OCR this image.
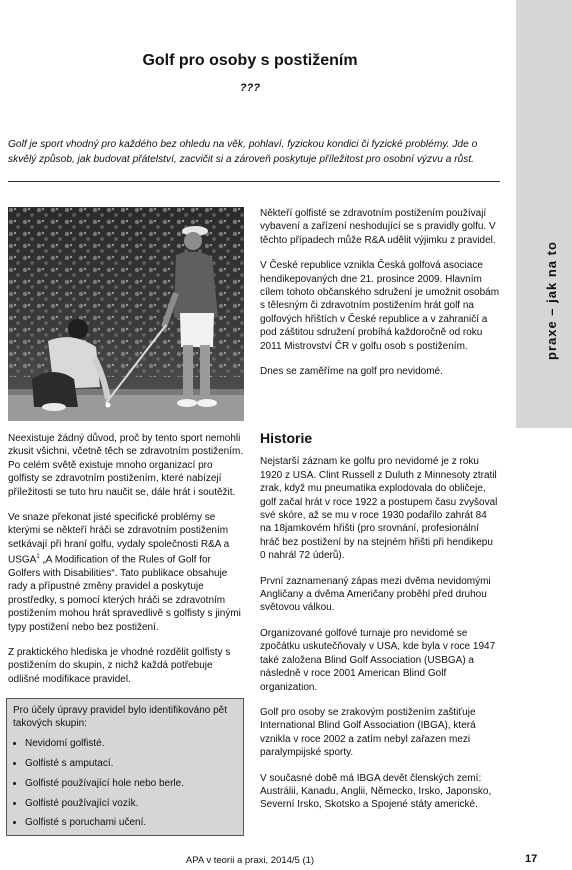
praxe – jak na to
Golf pro osoby s postižením
???
Golf je sport vhodný pro každého bez ohledu na věk, pohlaví, fyzickou kondici či fyzické problémy. Jde o skvělý způsob, jak budovat přátelství, zacvičit si a zároveň poskytuje příležitost pro osobní výzvu a růst.

Někteří golfisté se zdravotním postižením používají vybavení a zařízení neshodující se s pravidly golfu. V těchto případech může R&A udělit výjimku z pravidel.

V České republice vznikla Česká golfová asociace hendikepovaných dne 21. prosince 2009. Hlavním cílem tohoto občanského sdružení je umožnit osobám s tělesným či zdravotním postižením hrát golf na golfových hřištích v České republice a v zahraničí a pod záštitou sdružení probíhá každoročně od roku 2011 Mistrovství ČR v golfu osob s postižením.

Dnes se zaměříme na golf pro nevidomé.

Neexistuje žádný důvod, proč by tento sport nemohli zkusit všichni, včetně těch se zdravotním postižením. Po celém světě existuje mnoho organizací pro golfisty se zdravotním postižením, které nabízejí příležitosti se tuto hru naučit se, dále hrát i soutěžit.

Ve snaze překonat jisté specifické problémy se kterými se někteří hráči se zdravotním postižením setkávají při hraní golfu, vydaly společnosti R&A a USGA$^1$ „A Modification of the Rules of Golf for Golfers with Disabilities“. Tato publikace obsahuje rady a přípustné změny pravidel a poskytuje prostředky, s pomocí kterých hráči se zdravotním postižením mohou hrát spravedlivě s golfisty s jinými typy postižení nebo bez postižení.

Z praktického hlediska je vhodné rozdělit golfisty s postižením do skupin, z nichž každá potřebuje odlišné modifikace pravidel.

Pro účely úpravy pravidel bylo identifikováno pět takových skupin:
• Nevidomí golfisté.
• Golfisté s amputací.
• Golfisté používající hole nebo berle.
• Golfisté používající vozík.
• Golfisté s poruchami učení.
Historie

Nejstarší záznam ke golfu pro nevidomé je z roku 1920 z USA. Clint Russell z Duluth z Minnesoty ztratil zrak, když mu pneumatika explodovala do obličeje, golf začal hrát v roce 1922 a postupem času zvyšoval své skóre, až se mu v roce 1930 podařilo zahrát 84 na 18jamkovém hřišti (pro srovnání, profesionální hráč bez postižení by na stejném hřišti při hendikepu 0 nahrál 72 úderů).

První zaznamenaný zápas mezi dvěma nevidomými Angličany a dvěma Američany proběhl před druhou světovou válkou.

Organizované golfové turnaje pro nevidomé se zpočátku uskutečňovaly v USA, kde byla v roce 1947 také založena Blind Golf Association (USBGA) a následně v roce 2001 American Blind Golf organization.

Golf pro osoby se zrakovým postižením zaštiťuje International Blind Golf Association (IBGA), která vznikla v roce 2002 a zatím nebyl zařazen mezi paralympijské sporty.

V současné době má IBGA devět členských zemí: Austrálii, Kanadu, Anglii, Německo, Irsko, Japonsko, Severní Irsko, Skotsko a Spojené státy americké.

APA v teorii a praxi, 2014/5 (1)	17
